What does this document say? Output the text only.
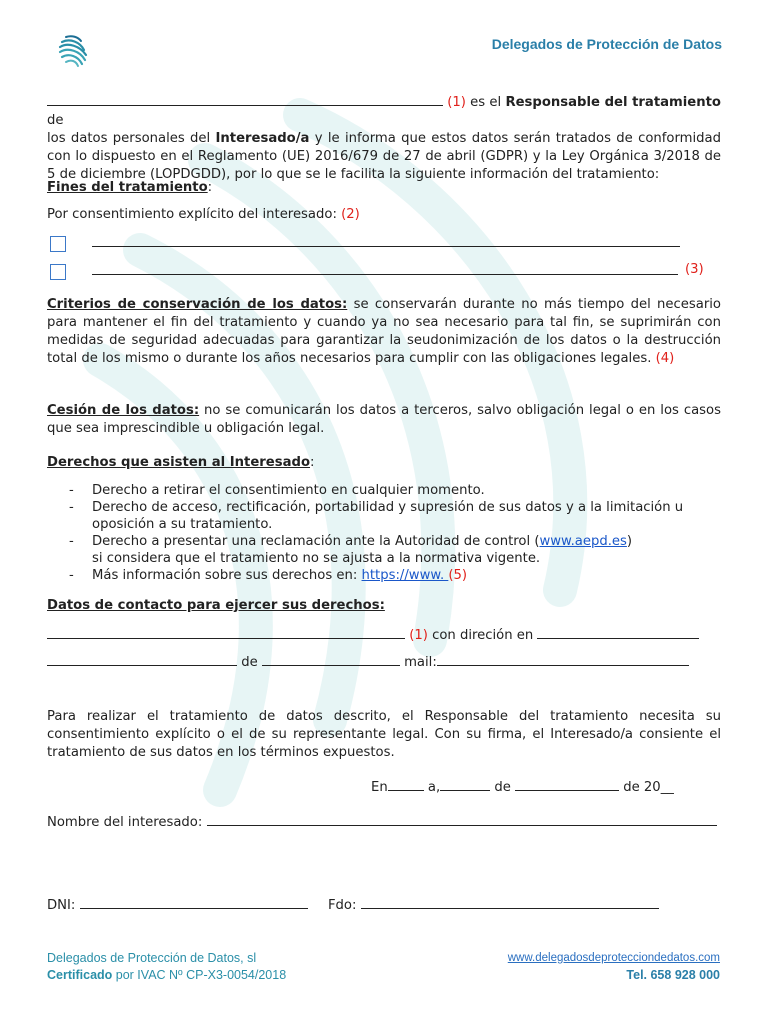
Delegados de Protección de Datos
(1) es el Responsable del tratamiento de
los datos personales del Interesado/a y le informa que estos datos serán tratados de conformidad
con lo dispuesto en el Reglamento (UE) 2016/679 de 27 de abril (GDPR) y la Ley Orgánica 3/2018 de
5 de diciembre (LOPDGDD), por lo que se le facilita la siguiente información del tratamiento:
Fines del tratamiento:
Por consentimiento explícito del interesado: (2)
(3)
Criterios de conservación de los datos: se conservarán durante no más tiempo del necesario para mantener el fin del tratamiento y cuando ya no sea necesario para tal fin, se suprimirán con medidas de seguridad adecuadas para garantizar la seudonimización de los datos o la destrucción total de los mismo o durante los años necesarios para cumplir con las obligaciones legales. (4)
Cesión de los datos: no se comunicarán los datos a terceros, salvo obligación legal o en los casos que sea imprescindible u obligación legal.
Derechos que asisten al Interesado:
- Derecho a retirar el consentimiento en cualquier momento.
- Derecho de acceso, rectificación, portabilidad y supresión de sus datos y a la limitación u
oposición a su tratamiento.
- Derecho a presentar una reclamación ante la Autoridad de control (www.aepd.es)
si considera que el tratamiento no se ajusta a la normativa vigente.
- Más información sobre sus derechos en: https://www. (5)
Datos de contacto para ejercer sus derechos:
(1) con direción en
de	mail:
Para realizar el tratamiento de datos descrito, el Responsable del tratamiento necesita su consentimiento explícito o el de su representante legal. Con su firma, el Interesado/a consiente el tratamiento de sus datos en los términos expuestos.
En	a,	de	de 20__
Nombre del interesado:
DNI:	Fdo:
Delegados de Protección de Datos, sl
Certificado por IVAC Nº CP-X3-0054/2018
www.delegadosdeprotecciondedatos.com
Tel. 658 928 000
